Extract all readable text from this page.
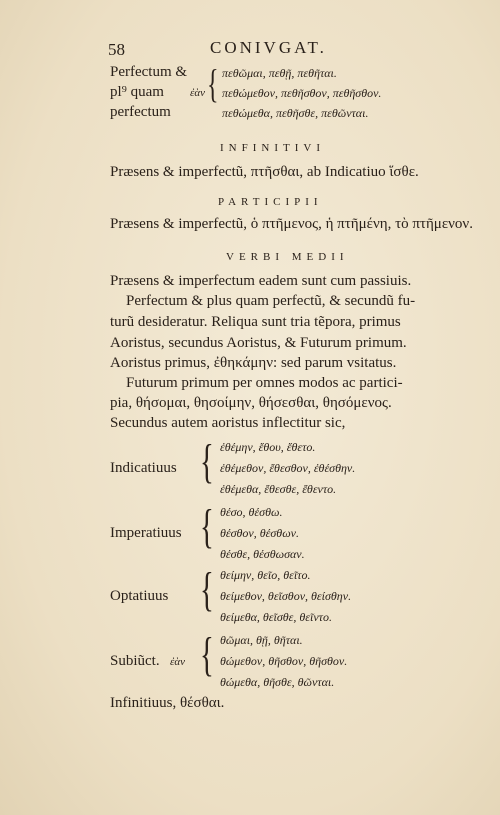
58	CONIVGAT.
Perfectum &
pl⁹ quam ἐὰν
perfectum
{ πεθῶμαι, πεθῇ, πεθῆται.
πεθώμεθον, πεθῆσθον, πεθῆσθον.
πεθώμεθα, πεθῆσθε, πεθῶνται.
INFINITIVI
Præsens & imperfectũ, πτῆσθαι, ab Indicatiuo ἵσθε.
PARTICIPII
Præsens & imperfectũ, ὁ πτῆμενος, ἡ πτῆμένη, τὸ πτῆμενον.
VERBI MEDII
Præsens & imperfectum eadem sunt cum passiuis.
Perfectum & plus quam perfectũ, & secundũ fu-
turũ desideratur. Reliqua sunt tria tẽpora, primus
Aoristus, secundus Aoristus, & Futurum primum.
Aoristus primus, ἐθηκάμην: sed parum vsitatus.
Futurum primum per omnes modos ac partici-
pia, θήσομαι, θησοίμην, θήσεσθαι, θησόμενος.
Secundus autem aoristus inflectitur sic,
Indicatiuus { ἐθέμην, ἔθου, ἔθετο.
ἐθέμεθον, ἔθεσθον, ἐθέσθην.
ἐθέμεθα, ἔθεσθε, ἔθεντο.
Imperatiuus { θέσο, θέσθω.
θέσθον, θέσθων.
θέσθε, θέσθωσαν.
Optatiuus { θείμην, θεῖο, θεῖτο.
θείμεθον, θεῖσθον, θείσθην.
θείμεθα, θεῖσθε, θεῖντο.
Subiũct. ἐὰν { θῶμαι, θῇ, θῆται.
θώμεθον, θῆσθον, θῆσθον.
θώμεθα, θῆσθε, θῶνται.
Infinitiuus, θέσθαι.
